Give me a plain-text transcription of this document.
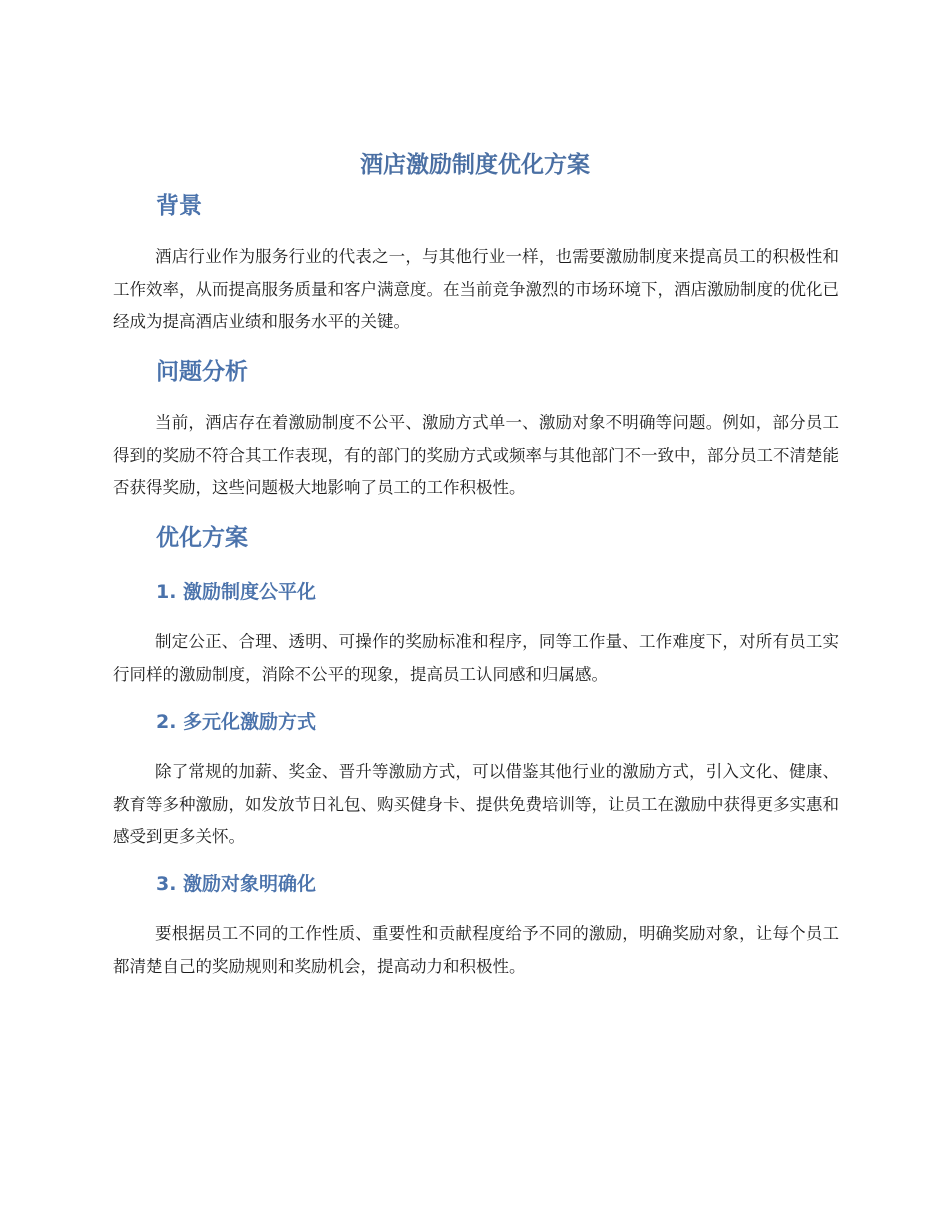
酒店激励制度优化方案
背景

酒店行业作为服务行业的代表之一，与其他行业一样，也需要激励制度来提高员工的积极性和工作效率，从而提高服务质量和客户满意度。在当前竞争激烈的市场环境下，酒店激励制度的优化已经成为提高酒店业绩和服务水平的关键。

问题分析

当前，酒店存在着激励制度不公平、激励方式单一、激励对象不明确等问题。例如，部分员工得到的奖励不符合其工作表现，有的部门的奖励方式或频率与其他部门不一致中，部分员工不清楚能否获得奖励，这些问题极大地影响了员工的工作积极性。

优化方案
1. 激励制度公平化

制定公正、合理、透明、可操作的奖励标准和程序，同等工作量、工作难度下，对所有员工实行同样的激励制度，消除不公平的现象，提高员工认同感和归属感。

2. 多元化激励方式

除了常规的加薪、奖金、晋升等激励方式，可以借鉴其他行业的激励方式，引入文化、健康、教育等多种激励，如发放节日礼包、购买健身卡、提供免费培训等，让员工在激励中获得更多实惠和感受到更多关怀。

3. 激励对象明确化

要根据员工不同的工作性质、重要性和贡献程度给予不同的激励，明确奖励对象，让每个员工都清楚自己的奖励规则和奖励机会，提高动力和积极性。
